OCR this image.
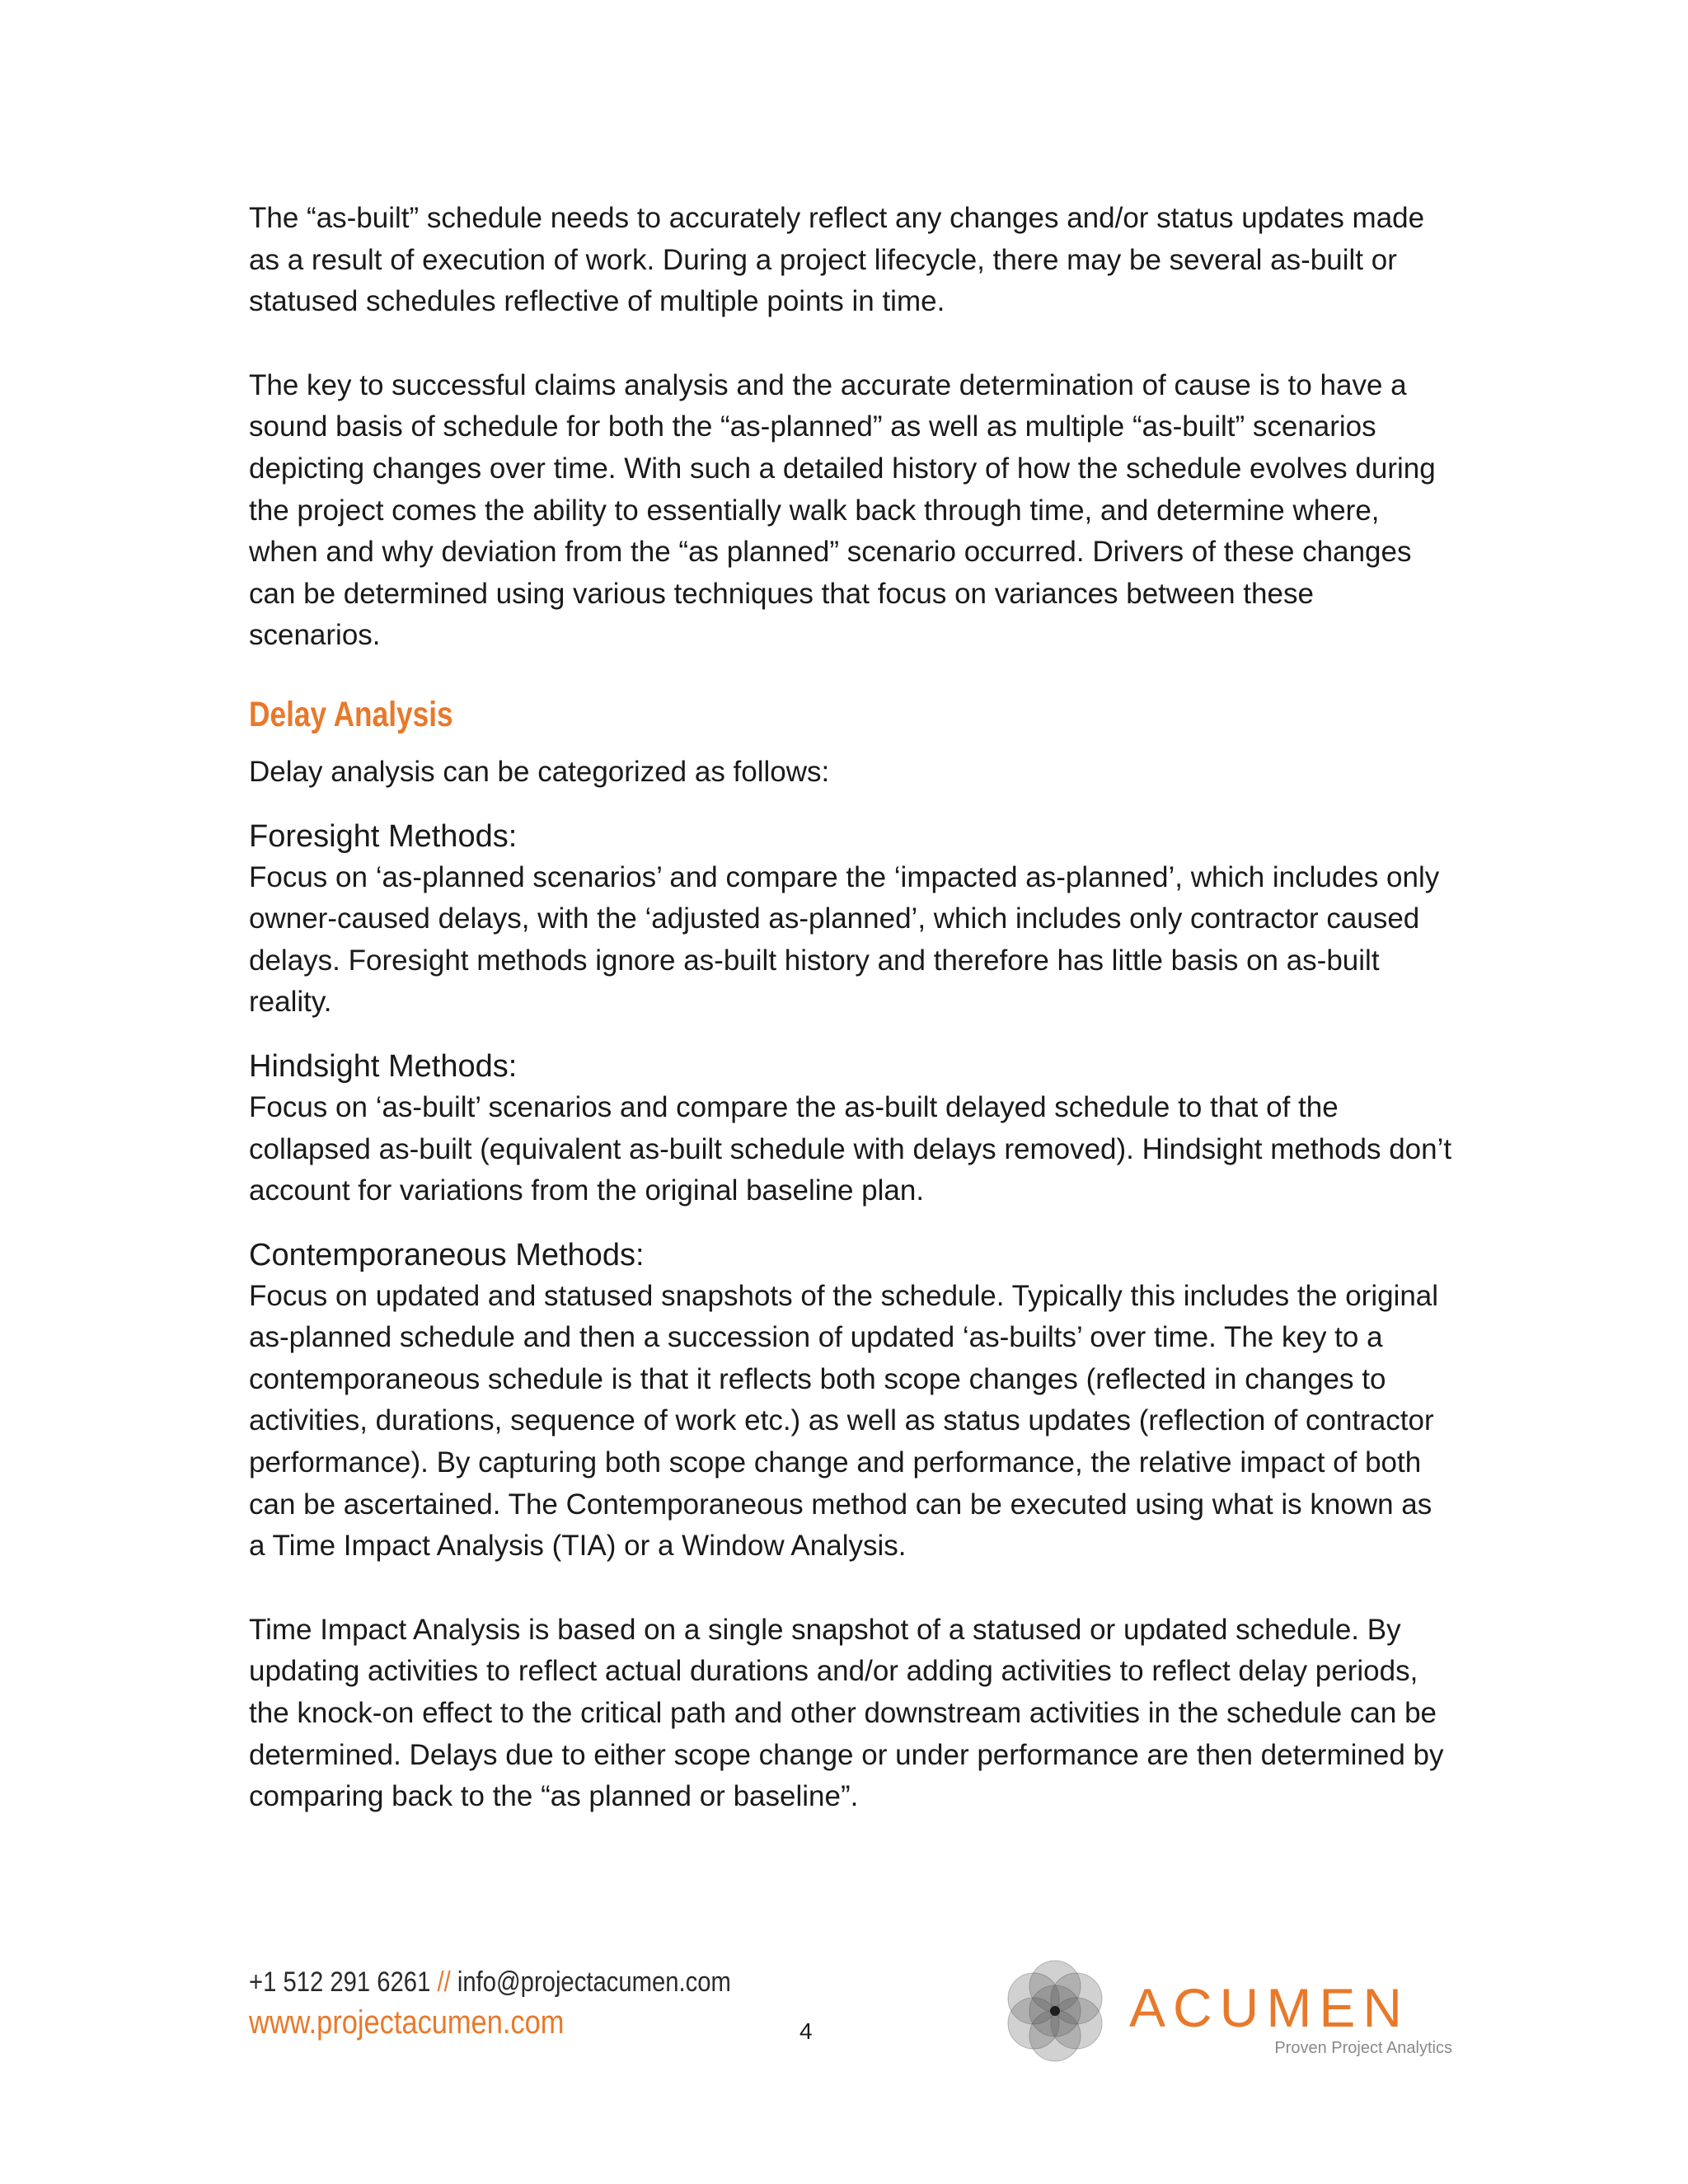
The “as-built” schedule needs to accurately reflect any changes and/or status updates made as a result of execution of work. During a project lifecycle, there may be several as-built or statused schedules reflective of multiple points in time.

The key to successful claims analysis and the accurate determination of cause is to have a sound basis of schedule for both the “as-planned” as well as multiple “as-built” scenarios depicting changes over time. With such a detailed history of how the schedule evolves during the project comes the ability to essentially walk back through time, and determine where, when and why deviation from the “as planned” scenario occurred. Drivers of these changes can be determined using various techniques that focus on variances between these scenarios.

Delay Analysis

Delay analysis can be categorized as follows:

Foresight Methods:

Focus on ‘as-planned scenarios’ and compare the ‘impacted as-planned’, which includes only owner-caused delays, with the ‘adjusted as-planned’, which includes only contractor caused delays. Foresight methods ignore as-built history and therefore has little basis on as-built reality.

Hindsight Methods:

Focus on ‘as-built’ scenarios and compare the as-built delayed schedule to that of the collapsed as-built (equivalent as-built schedule with delays removed). Hindsight methods don’t account for variations from the original baseline plan.

Contemporaneous Methods:

Focus on updated and statused snapshots of the schedule. Typically this includes the original as-planned schedule and then a succession of updated ‘as-builts’ over time. The key to a contemporaneous schedule is that it reflects both scope changes (reflected in changes to activities, durations, sequence of work etc.) as well as status updates (reflection of contractor performance). By capturing both scope change and performance, the relative impact of both can be ascertained. The Contemporaneous method can be executed using what is known as a Time Impact Analysis (TIA) or a Window Analysis.

Time Impact Analysis is based on a single snapshot of a statused or updated schedule. By updating activities to reflect actual durations and/or adding activities to reflect delay periods, the knock-on effect to the critical path and other downstream activities in the schedule can be determined. Delays due to either scope change or under performance are then determined by comparing back to the “as planned or baseline”.

+1 512 291 6261 // info@projectacumen.com
www.projectacumen.com	4	ACUMEN
Proven Project Analytics
